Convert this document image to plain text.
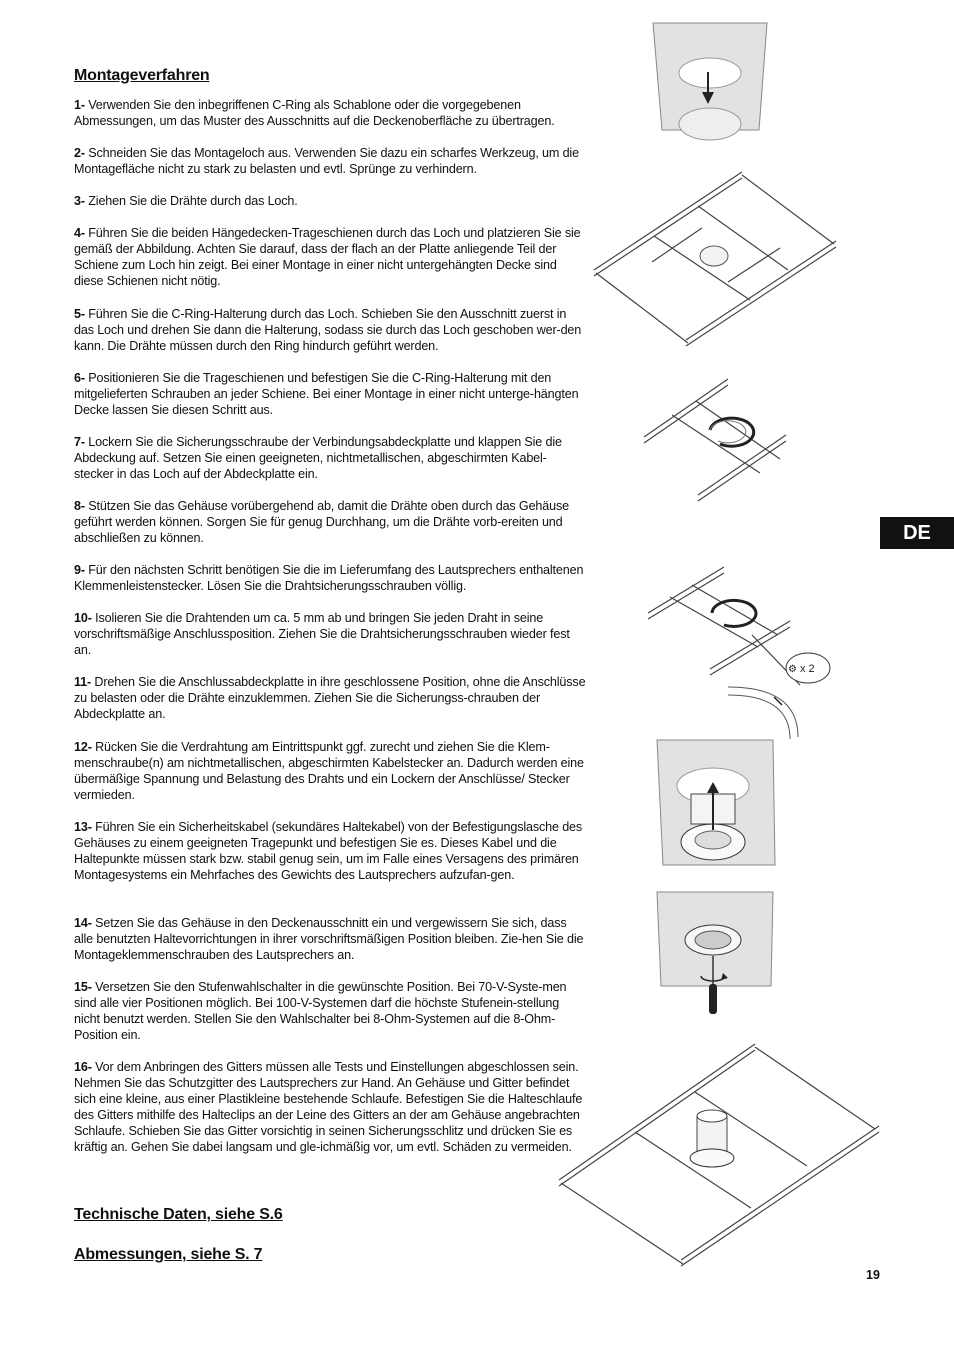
Montageverfahren

1- Verwenden Sie den inbegriffenen C-Ring als Schablone oder die vorgegebenen Abmessungen, um das Muster des Ausschnitts auf die Deckenoberfläche zu übertragen.

2- Schneiden Sie das Montageloch aus. Verwenden Sie dazu ein scharfes Werkzeug, um die Montagefläche nicht zu stark zu belasten und evtl. Sprünge zu verhindern.

3- Ziehen Sie die Drähte durch das Loch.

4- Führen Sie die beiden Hängedecken-Trageschienen durch das Loch und platzieren Sie sie gemäß der Abbildung. Achten Sie darauf, dass der flach an der Platte anliegende Teil der Schiene zum Loch hin zeigt. Bei einer Montage in einer nicht untergehängten Decke sind diese Schienen nicht nötig.

5- Führen Sie die C-Ring-Halterung durch das Loch. Schieben Sie den Ausschnitt zuerst in das Loch und drehen Sie dann die Halterung, sodass sie durch das Loch geschoben wer-den kann. Die Drähte müssen durch den Ring hindurch geführt werden.

6- Positionieren Sie die Trageschienen und befestigen Sie die C-Ring-Halterung mit den mitgelieferten Schrauben an jeder Schiene. Bei einer Montage in einer nicht unterge-hängten Decke lassen Sie diesen Schritt aus.

7- Lockern Sie die Sicherungsschraube der Verbindungsabdeckplatte und klappen Sie die Abdeckung auf. Setzen Sie einen geeigneten, nichtmetallischen, abgeschirmten Kabel-stecker in das Loch auf der Abdeckplatte ein.

8- Stützen Sie das Gehäuse vorübergehend ab, damit die Drähte oben durch das Gehäuse geführt werden können. Sorgen Sie für genug Durchhang, um die Drähte vorb-ereiten und abschließen zu können.

9- Für den nächsten Schritt benötigen Sie die im Lieferumfang des Lautsprechers enthaltenen Klemmenleistenstecker. Lösen Sie die Drahtsicherungsschrauben völlig.

10- Isolieren Sie die Drahtenden um ca. 5 mm ab und bringen Sie jeden Draht in seine vorschriftsmäßige Anschlussposition. Ziehen Sie die Drahtsicherungsschrauben wieder fest an.

11- Drehen Sie die Anschlussabdeckplatte in ihre geschlossene Position, ohne die Anschlüsse zu belasten oder die Drähte einzuklemmen. Ziehen Sie die Sicherungss-chrauben der Abdeckplatte an.

12- Rücken Sie die Verdrahtung am Eintrittspunkt ggf. zurecht und ziehen Sie die Klem-menschraube(n) am nichtmetallischen, abgeschirmten Kabelstecker an. Dadurch werden eine übermäßige Spannung und Belastung des Drahts und ein Lockern der Anschlüsse/ Stecker vermieden.

13- Führen Sie ein Sicherheitskabel (sekundäres Haltekabel) von der Befestigungslasche des Gehäuses zu einem geeigneten Tragepunkt und befestigen Sie es. Dieses Kabel und die Haltepunkte müssen stark bzw. stabil genug sein, um im Falle eines Versagens des primären Montagesystems ein Mehrfaches des Gewichts des Lautsprechers aufzufan-gen.

14- Setzen Sie das Gehäuse in den Deckenausschnitt ein und vergewissern Sie sich, dass alle benutzten Haltevorrichtungen in ihrer vorschriftsmäßigen Position bleiben. Zie-hen Sie die Montageklemmenschrauben des Lautsprechers an.

15- Versetzen Sie den Stufenwahlschalter in die gewünschte Position. Bei 70-V-Syste-men sind alle vier Positionen möglich. Bei 100-V-Systemen darf die höchste Stufenein-stellung nicht benutzt werden. Stellen Sie den Wahlschalter bei 8-Ohm-Systemen auf die 8-Ohm-Position ein.

16- Vor dem Anbringen des Gitters müssen alle Tests und Einstellungen abgeschlossen sein. Nehmen Sie das Schutzgitter des Lautsprechers zur Hand. An Gehäuse und Gitter befindet sich eine kleine, aus einer Plastikleine bestehende Schlaufe. Befestigen Sie die Halteschlaufe des Gitters mithilfe des Halteclips an der Leine des Gitters an der am Gehäuse angebrachten Schlaufe. Schieben Sie das Gitter vorsichtig in seinen Sicherungsschlitz und drücken Sie es kräftig an. Gehen Sie dabei langsam und gle-ichmäßig vor, um evtl. Schäden zu vermeiden.

Technische Daten, siehe S.6
Abmessungen, siehe S. 7
DE
19
⚙ x 2
